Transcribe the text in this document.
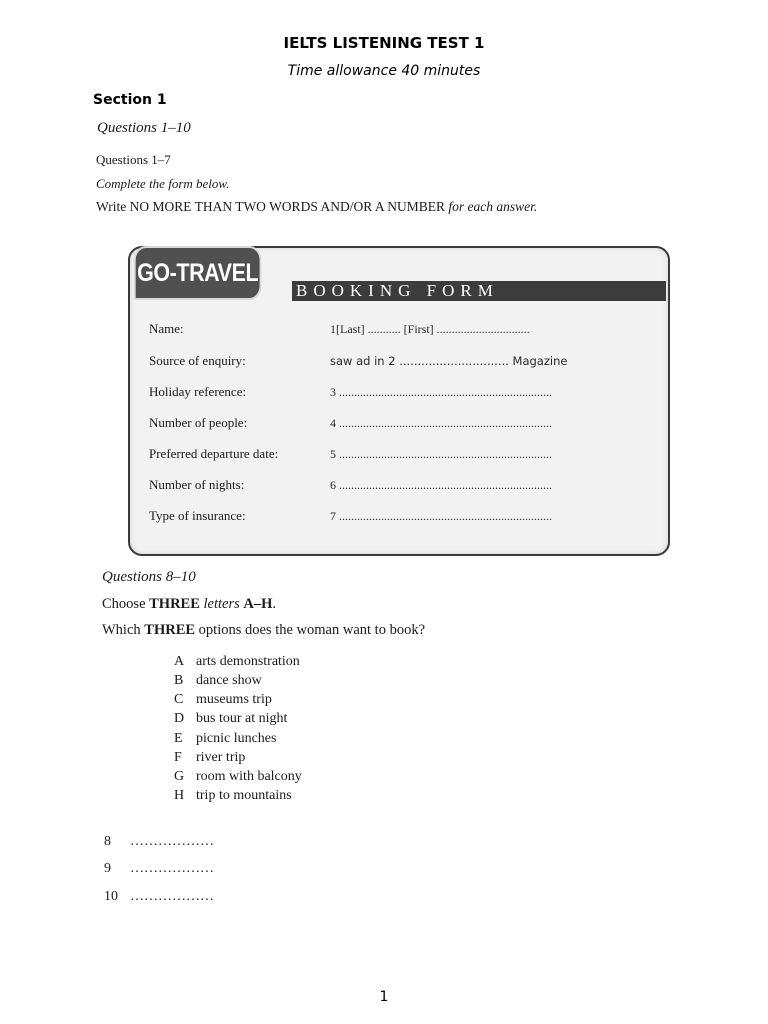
IELTS LISTENING TEST 1
Time allowance 40 minutes
Section 1
Questions 1–10
Questions 1–7
Complete the form below.
Write NO MORE THAN TWO WORDS AND/OR A NUMBER for each answer.
BOOKING FORM
GO-TRAVEL
Name:	1[Last] ........... [First] ...............................
Source of enquiry:	saw ad in 2 .............................. Magazine
Holiday reference:	3 .......................................................................
Number of people:	4 .......................................................................
Preferred departure date:	5 .......................................................................
Number of nights:	6 .......................................................................
Type of insurance:	7 .......................................................................
Questions 8–10
Choose THREE letters A–H.
Which THREE options does the woman want to book?
A arts demonstration
B dance show
C museums trip
D bus tour at night
E picnic lunches
F river trip
G room with balcony
H trip to mountains
8 ………………
9 ………………
10 ………………
1
